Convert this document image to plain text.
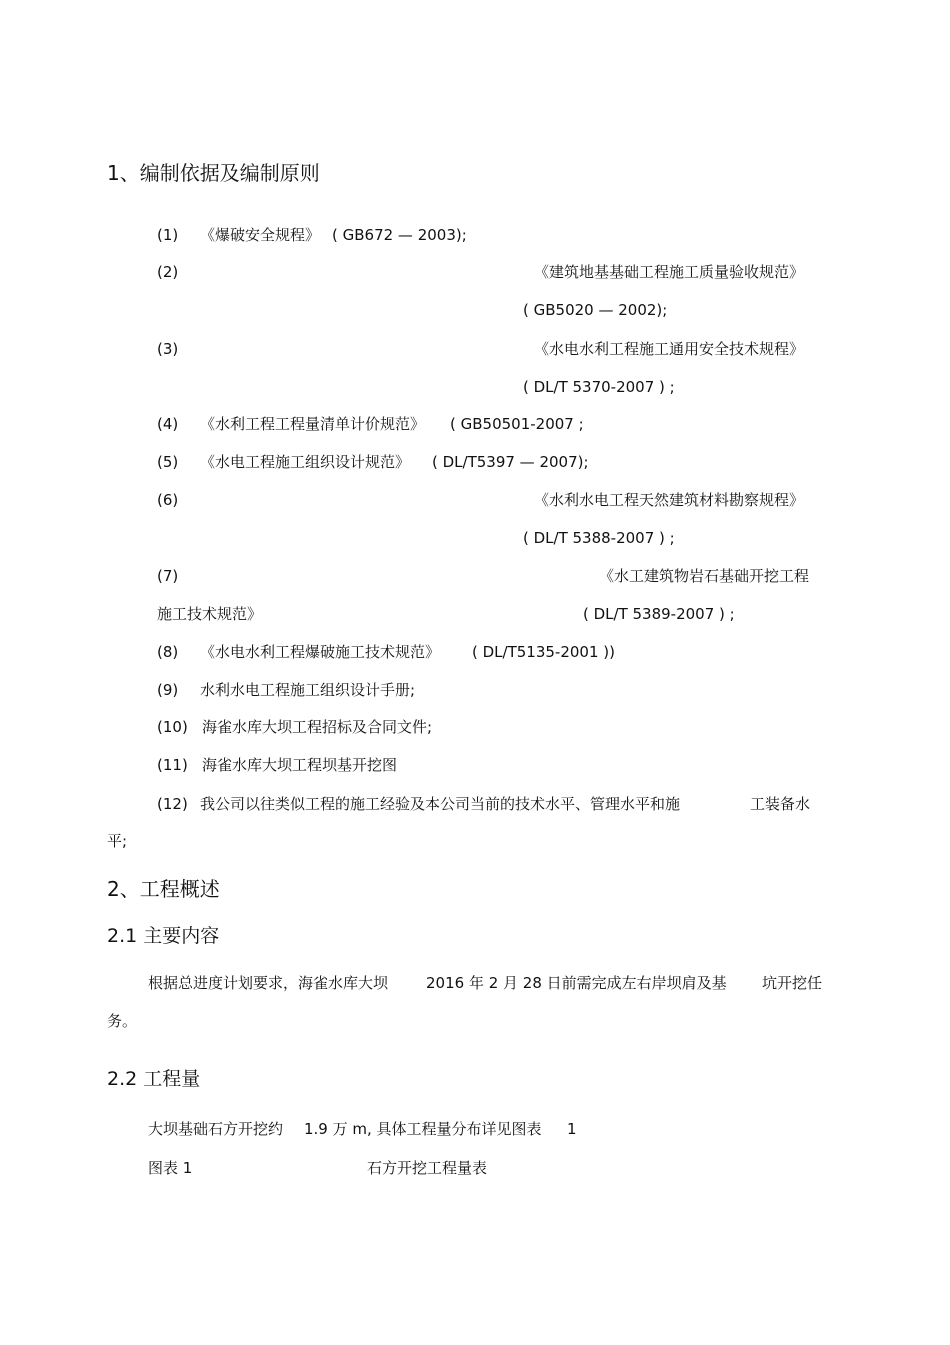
1、编制依据及编制原则
(1) 《爆破安全规程》 ( GB672 — 2003);
(2)	《建筑地基基础工程施工质量验收规范》
( GB5020 — 2002);
(3)	《水电水利工程施工通用安全技术规程》
( DL/T 5370-2007 ) ;
(4) 《水利工程工程量清单计价规范》 ( GB50501-2007 ;
(5) 《水电工程施工组织设计规范》 ( DL/T5397 — 2007);
(6)	《水利水电工程天然建筑材料勘察规程》
( DL/T 5388-2007 ) ;
(7)	《水工建筑物岩石基础开挖工程
施工技术规范》	( DL/T 5389-2007 ) ;
(8) 《水电水利工程爆破施工技术规范》 ( DL/T5135-2001 ))
(9) 水利水电工程施工组织设计手册;
(10) 海雀水库大坝工程招标及合同文件;
(11) 海雀水库大坝工程坝基开挖图
(12) 我公司以往类似工程的施工经验及本公司当前的技术水平、管理水平和施	工装备水
平;
2、工程概述
2.1 主要内容
根据总进度计划要求，海雀水库大坝	2016 年 2 月 28 日前需完成左右岸坝肩及基 坑开挖任
务。
2.2 工程量
大坝基础石方开挖约 1.9 万 m, 具体工程量分布详见图表 1
图表 1	石方开挖工程量表
